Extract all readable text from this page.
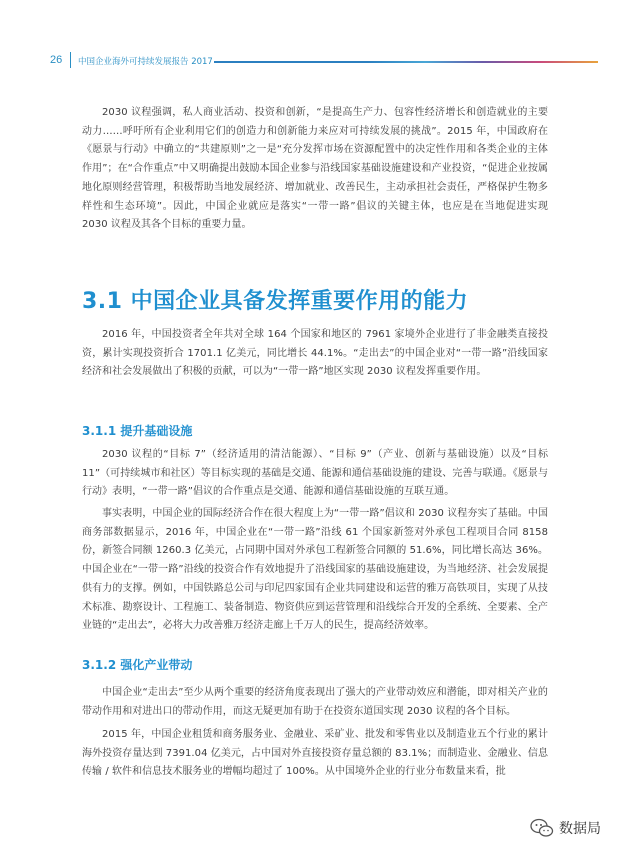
26 中国企业海外可持续发展报告 2017

2030 议程强调，私人商业活动、投资和创新，“是提高生产力、包容性经济增长和创造就业的主要动力……呼吁所有企业利用它们的创造力和创新能力来应对可持续发展的挑战”。2015 年，中国政府在《愿景与行动》中确立的“共建原则”之一是“充分发挥市场在资源配置中的决定性作用和各类企业的主体作用”；在“合作重点”中又明确提出鼓励本国企业参与沿线国家基础设施建设和产业投资，“促进企业按属地化原则经营管理，积极帮助当地发展经济、增加就业、改善民生，主动承担社会责任，严格保护生物多样性和生态环境”。因此，中国企业就应是落实“一带一路”倡议的关键主体，也应是在当地促进实现 2030 议程及其各个目标的重要力量。

3.1 中国企业具备发挥重要作用的能力

2016 年，中国投资者全年共对全球 164 个国家和地区的 7961 家境外企业进行了非金融类直接投资，累计实现投资折合 1701.1 亿美元，同比增长 44.1%。“走出去”的中国企业对“一带一路”沿线国家经济和社会发展做出了积极的贡献，可以为“一带一路”地区实现 2030 议程发挥重要作用。

3.1.1 提升基础设施

2030 议程的“目标 7”（经济适用的清洁能源）、“目标 9”（产业、创新与基础设施）以及“目标 11”（可持续城市和社区）等目标实现的基础是交通、能源和通信基础设施的建设、完善与联通。《愿景与行动》表明，“一带一路”倡议的合作重点是交通、能源和通信基础设施的互联互通。

事实表明，中国企业的国际经济合作在很大程度上为“一带一路”倡议和 2030 议程夯实了基础。中国商务部数据显示，2016 年，中国企业在“一带一路”沿线 61 个国家新签对外承包工程项目合同 8158 份，新签合同额 1260.3 亿美元，占同期中国对外承包工程新签合同额的 51.6%，同比增长高达 36%。中国企业在“一带一路”沿线的投资合作有效地提升了沿线国家的基础设施建设，为当地经济、社会发展提供有力的支撑。例如，中国铁路总公司与印尼四家国有企业共同建设和运营的雅万高铁项目，实现了从技术标准、勘察设计、工程施工、装备制造、物资供应到运营管理和沿线综合开发的全系统、全要素、全产业链的“走出去”，必将大力改善雅万经济走廊上千万人的民生，提高经济效率。

3.1.2 强化产业带动

中国企业“走出去”至少从两个重要的经济角度表现出了强大的产业带动效应和潜能，即对相关产业的带动作用和对进出口的带动作用，而这无疑更加有助于在投资东道国实现 2030 议程的各个目标。

2015 年，中国企业租赁和商务服务业、金融业、采矿业、批发和零售业以及制造业五个行业的累计海外投资存量达到 7391.04 亿美元，占中国对外直接投资存量总额的 83.1%；而制造业、金融业、信息传输 / 软件和信息技术服务业的增幅均超过了 100%。从中国境外企业的行业分布数量来看，批

数据局
